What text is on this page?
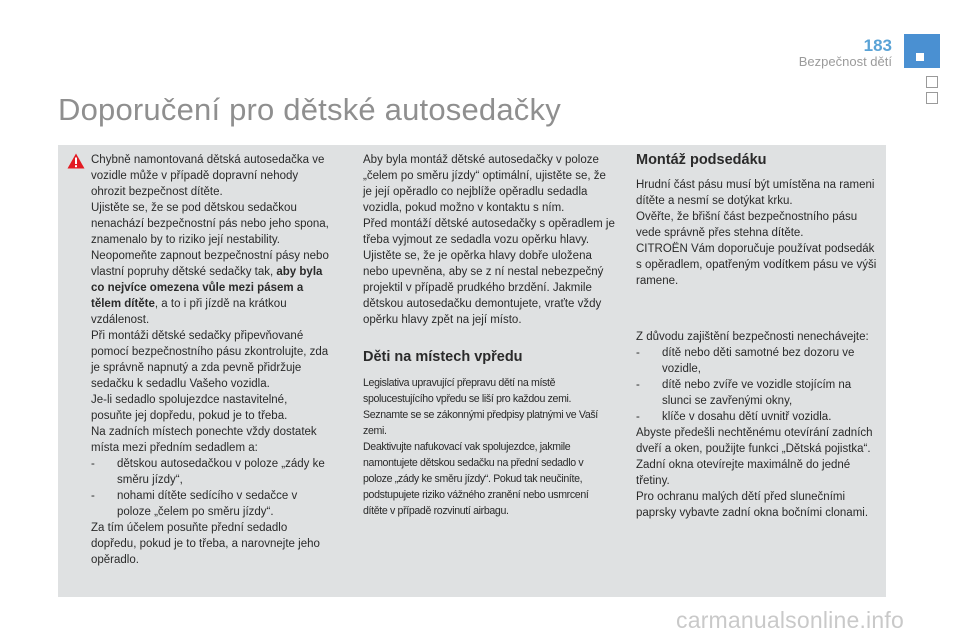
183
Bezpečnost dětí
Doporučení pro dětské autosedačky

Chybně namontovaná dětská autosedačka ve vozidle může v případě dopravní nehody ohrozit bezpečnost dítěte.

Ujistěte se, že se pod dětskou sedačkou nenachází bezpečnostní pás nebo jeho spona, znamenalo by to riziko její nestability.

Neopomeňte zapnout bezpečnostní pásy nebo vlastní popruhy dětské sedačky tak, aby byla co nejvíce omezena vůle mezi pásem a tělem dítěte, a to i při jízdě na krátkou vzdálenost.

Při montáži dětské sedačky připevňované pomocí bezpečnostního pásu zkontrolujte, zda je správně napnutý a zda pevně přidržuje sedačku k sedadlu Vašeho vozidla.

Je-li sedadlo spolujezdce nastavitelné, posuňte jej dopředu, pokud je to třeba.

Na zadních místech ponechte vždy dostatek místa mezi předním sedadlem a:

- dětskou autosedačkou v poloze „zády ke směru jízdy“,
- nohami dítěte sedícího v sedačce v poloze „čelem po směru jízdy“.

Za tím účelem posuňte přední sedadlo dopředu, pokud je to třeba, a narovnejte jeho opěradlo.

Aby byla montáž dětské autosedačky v poloze „čelem po směru jízdy“ optimální, ujistěte se, že je její opěradlo co nejblíže opěradlu sedadla vozidla, pokud možno v kontaktu s ním.

Před montáží dětské autosedačky s opěradlem je třeba vyjmout ze sedadla vozu opěrku hlavy. Ujistěte se, že je opěrka hlavy dobře uložena nebo upevněna, aby se z ní nestal nebezpečný projektil v případě prudkého brzdění. Jakmile dětskou autosedačku demontujete, vraťte vždy opěrku hlavy zpět na její místo.

Děti na místech vpředu

Legislativa upravující přepravu dětí na místě spolucestujícího vpředu se liší pro každou zemi. Seznamte se se zákonnými předpisy platnými ve Vaší zemi.

Deaktivujte nafukovací vak spolujezdce, jakmile namontujete dětskou sedačku na přední sedadlo v poloze „zády ke směru jízdy“. Pokud tak neučiníte, podstupujete riziko vážného zranění nebo usmrcení dítěte v případě rozvinutí airbagu.

Montáž podsedáku

Hrudní část pásu musí být umístěna na rameni dítěte a nesmí se dotýkat krku.

Ověřte, že břišní část bezpečnostního pásu vede správně přes stehna dítěte.

CITROËN Vám doporučuje používat podsedák s opěradlem, opatřeným vodítkem pásu ve výši ramene.

Z důvodu zajištění bezpečnosti nenechávejte:

- dítě nebo děti samotné bez dozoru ve vozidle,
- dítě nebo zvíře ve vozidle stojícím na slunci se zavřenými okny,
- klíče v dosahu dětí uvnitř vozidla.

Abyste předešli nechtěnému otevírání zadních dveří a oken, použijte funkci „Dětská pojistka“.

Zadní okna otevírejte maximálně do jedné třetiny.

Pro ochranu malých dětí před slunečními paprsky vybavte zadní okna bočními clonami.

carmanualsonline.info
